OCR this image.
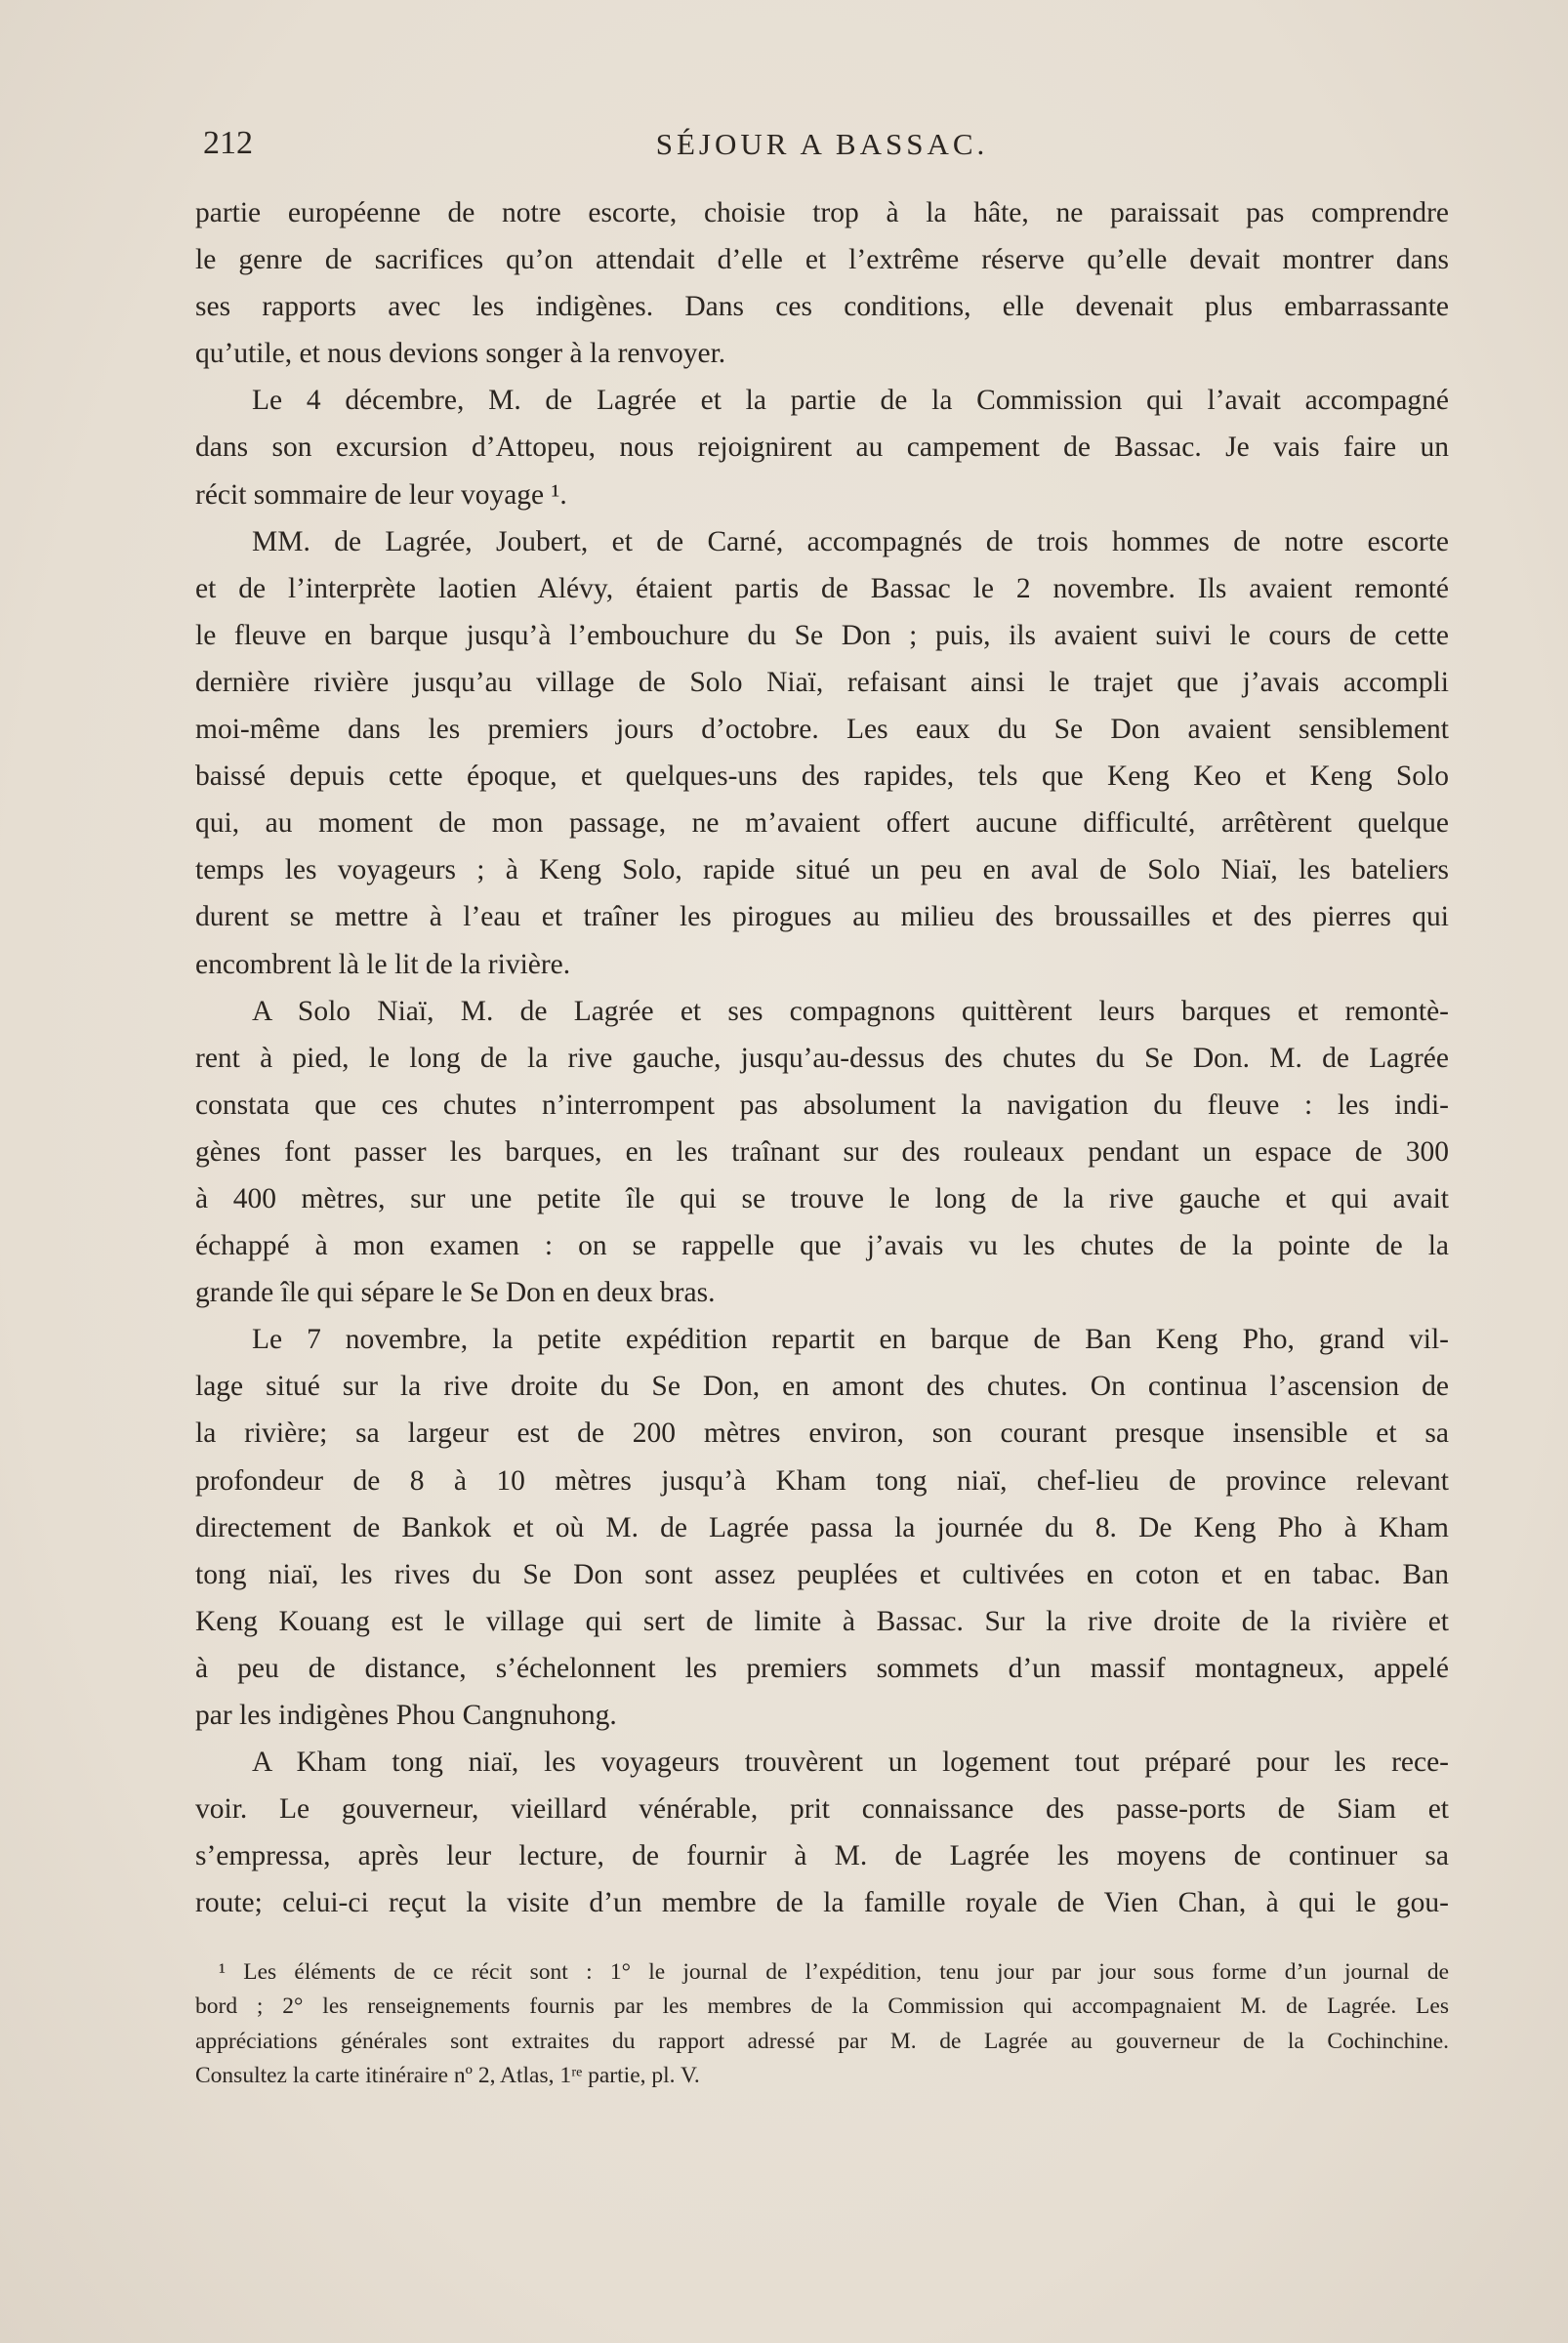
212	SÉJOUR A BASSAC.
partie européenne de notre escorte, choisie trop à la hâte, ne paraissait pas comprendre
le genre de sacrifices qu’on attendait d’elle et l’extrême réserve qu’elle devait montrer dans
ses rapports avec les indigènes. Dans ces conditions, elle devenait plus embarrassante
qu’utile, et nous devions songer à la renvoyer.
Le 4 décembre, M. de Lagrée et la partie de la Commission qui l’avait accompagné
dans son excursion d’Attopeu, nous rejoignirent au campement de Bassac. Je vais faire un
récit sommaire de leur voyage ¹.
MM. de Lagrée, Joubert, et de Carné, accompagnés de trois hommes de notre escorte
et de l’interprète laotien Alévy, étaient partis de Bassac le 2 novembre. Ils avaient remonté
le fleuve en barque jusqu’à l’embouchure du Se Don ; puis, ils avaient suivi le cours de cette
dernière rivière jusqu’au village de Solo Niaï, refaisant ainsi le trajet que j’avais accompli
moi-même dans les premiers jours d’octobre. Les eaux du Se Don avaient sensiblement
baissé depuis cette époque, et quelques-uns des rapides, tels que Keng Keo et Keng Solo
qui, au moment de mon passage, ne m’avaient offert aucune difficulté, arrêtèrent quelque
temps les voyageurs ; à Keng Solo, rapide situé un peu en aval de Solo Niaï, les bateliers
durent se mettre à l’eau et traîner les pirogues au milieu des broussailles et des pierres qui
encombrent là le lit de la rivière.
A Solo Niaï, M. de Lagrée et ses compagnons quittèrent leurs barques et remontè-
rent à pied, le long de la rive gauche, jusqu’au-dessus des chutes du Se Don. M. de Lagrée
constata que ces chutes n’interrompent pas absolument la navigation du fleuve : les indi-
gènes font passer les barques, en les traînant sur des rouleaux pendant un espace de 300
à 400 mètres, sur une petite île qui se trouve le long de la rive gauche et qui avait
échappé à mon examen : on se rappelle que j’avais vu les chutes de la pointe de la
grande île qui sépare le Se Don en deux bras.
Le 7 novembre, la petite expédition repartit en barque de Ban Keng Pho, grand vil-
lage situé sur la rive droite du Se Don, en amont des chutes. On continua l’ascension de
la rivière; sa largeur est de 200 mètres environ, son courant presque insensible et sa
profondeur de 8 à 10 mètres jusqu’à Kham tong niaï, chef-lieu de province relevant
directement de Bankok et où M. de Lagrée passa la journée du 8. De Keng Pho à Kham
tong niaï, les rives du Se Don sont assez peuplées et cultivées en coton et en tabac. Ban
Keng Kouang est le village qui sert de limite à Bassac. Sur la rive droite de la rivière et
à peu de distance, s’échelonnent les premiers sommets d’un massif montagneux, appelé
par les indigènes Phou Cangnuhong.
A Kham tong niaï, les voyageurs trouvèrent un logement tout préparé pour les rece-
voir. Le gouverneur, vieillard vénérable, prit connaissance des passe-ports de Siam et
s’empressa, après leur lecture, de fournir à M. de Lagrée les moyens de continuer sa
route; celui-ci reçut la visite d’un membre de la famille royale de Vien Chan, à qui le gou-
¹ Les éléments de ce récit sont : 1° le journal de l’expédition, tenu jour par jour sous forme d’un journal de
bord ; 2° les renseignements fournis par les membres de la Commission qui accompagnaient M. de Lagrée. Les
appréciations générales sont extraites du rapport adressé par M. de Lagrée au gouverneur de la Cochinchine.
Consultez la carte itinéraire nº 2, Atlas, 1ʳᵉ partie, pl. V.
